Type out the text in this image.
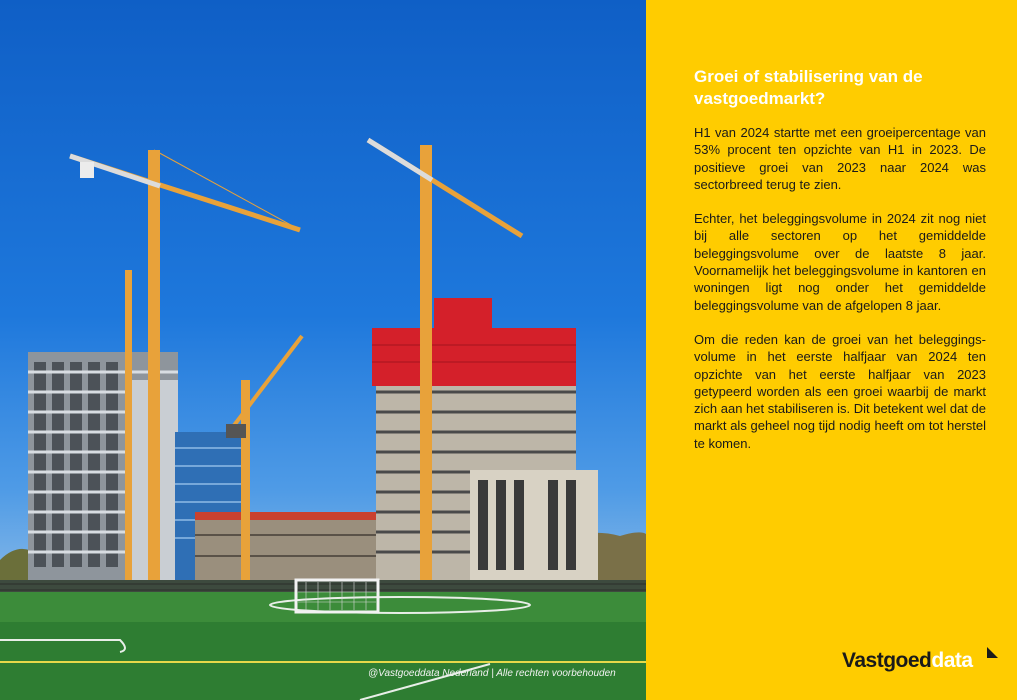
@Vastgoeddata Nederland | Alle rechten voorbehouden
Groei of stabilisering van de vastgoedmarkt?

H1 van 2024 startte met een groeipercentage van 53% procent ten opzichte van H1 in 2023. De positieve groei van 2023 naar 2024 was sectorbreed terug te zien.

Echter, het beleggingsvolume in 2024 zit nog niet bij alle sectoren op het gemiddelde beleggingsvolume over de laatste 8 jaar. Voornamelijk het beleggingsvolume in kantoren en woningen ligt nog onder het gemiddelde beleggingsvolume van de afgelopen 8 jaar.

Om die reden kan de groei van het beleggings-volume in het eerste halfjaar van 2024 ten opzichte van het eerste halfjaar van 2023 getypeerd worden als een groei waarbij de markt zich aan het stabiliseren is. Dit betekent wel dat de markt als geheel nog tijd nodig heeft om tot herstel te komen.

Vastgoeddata
